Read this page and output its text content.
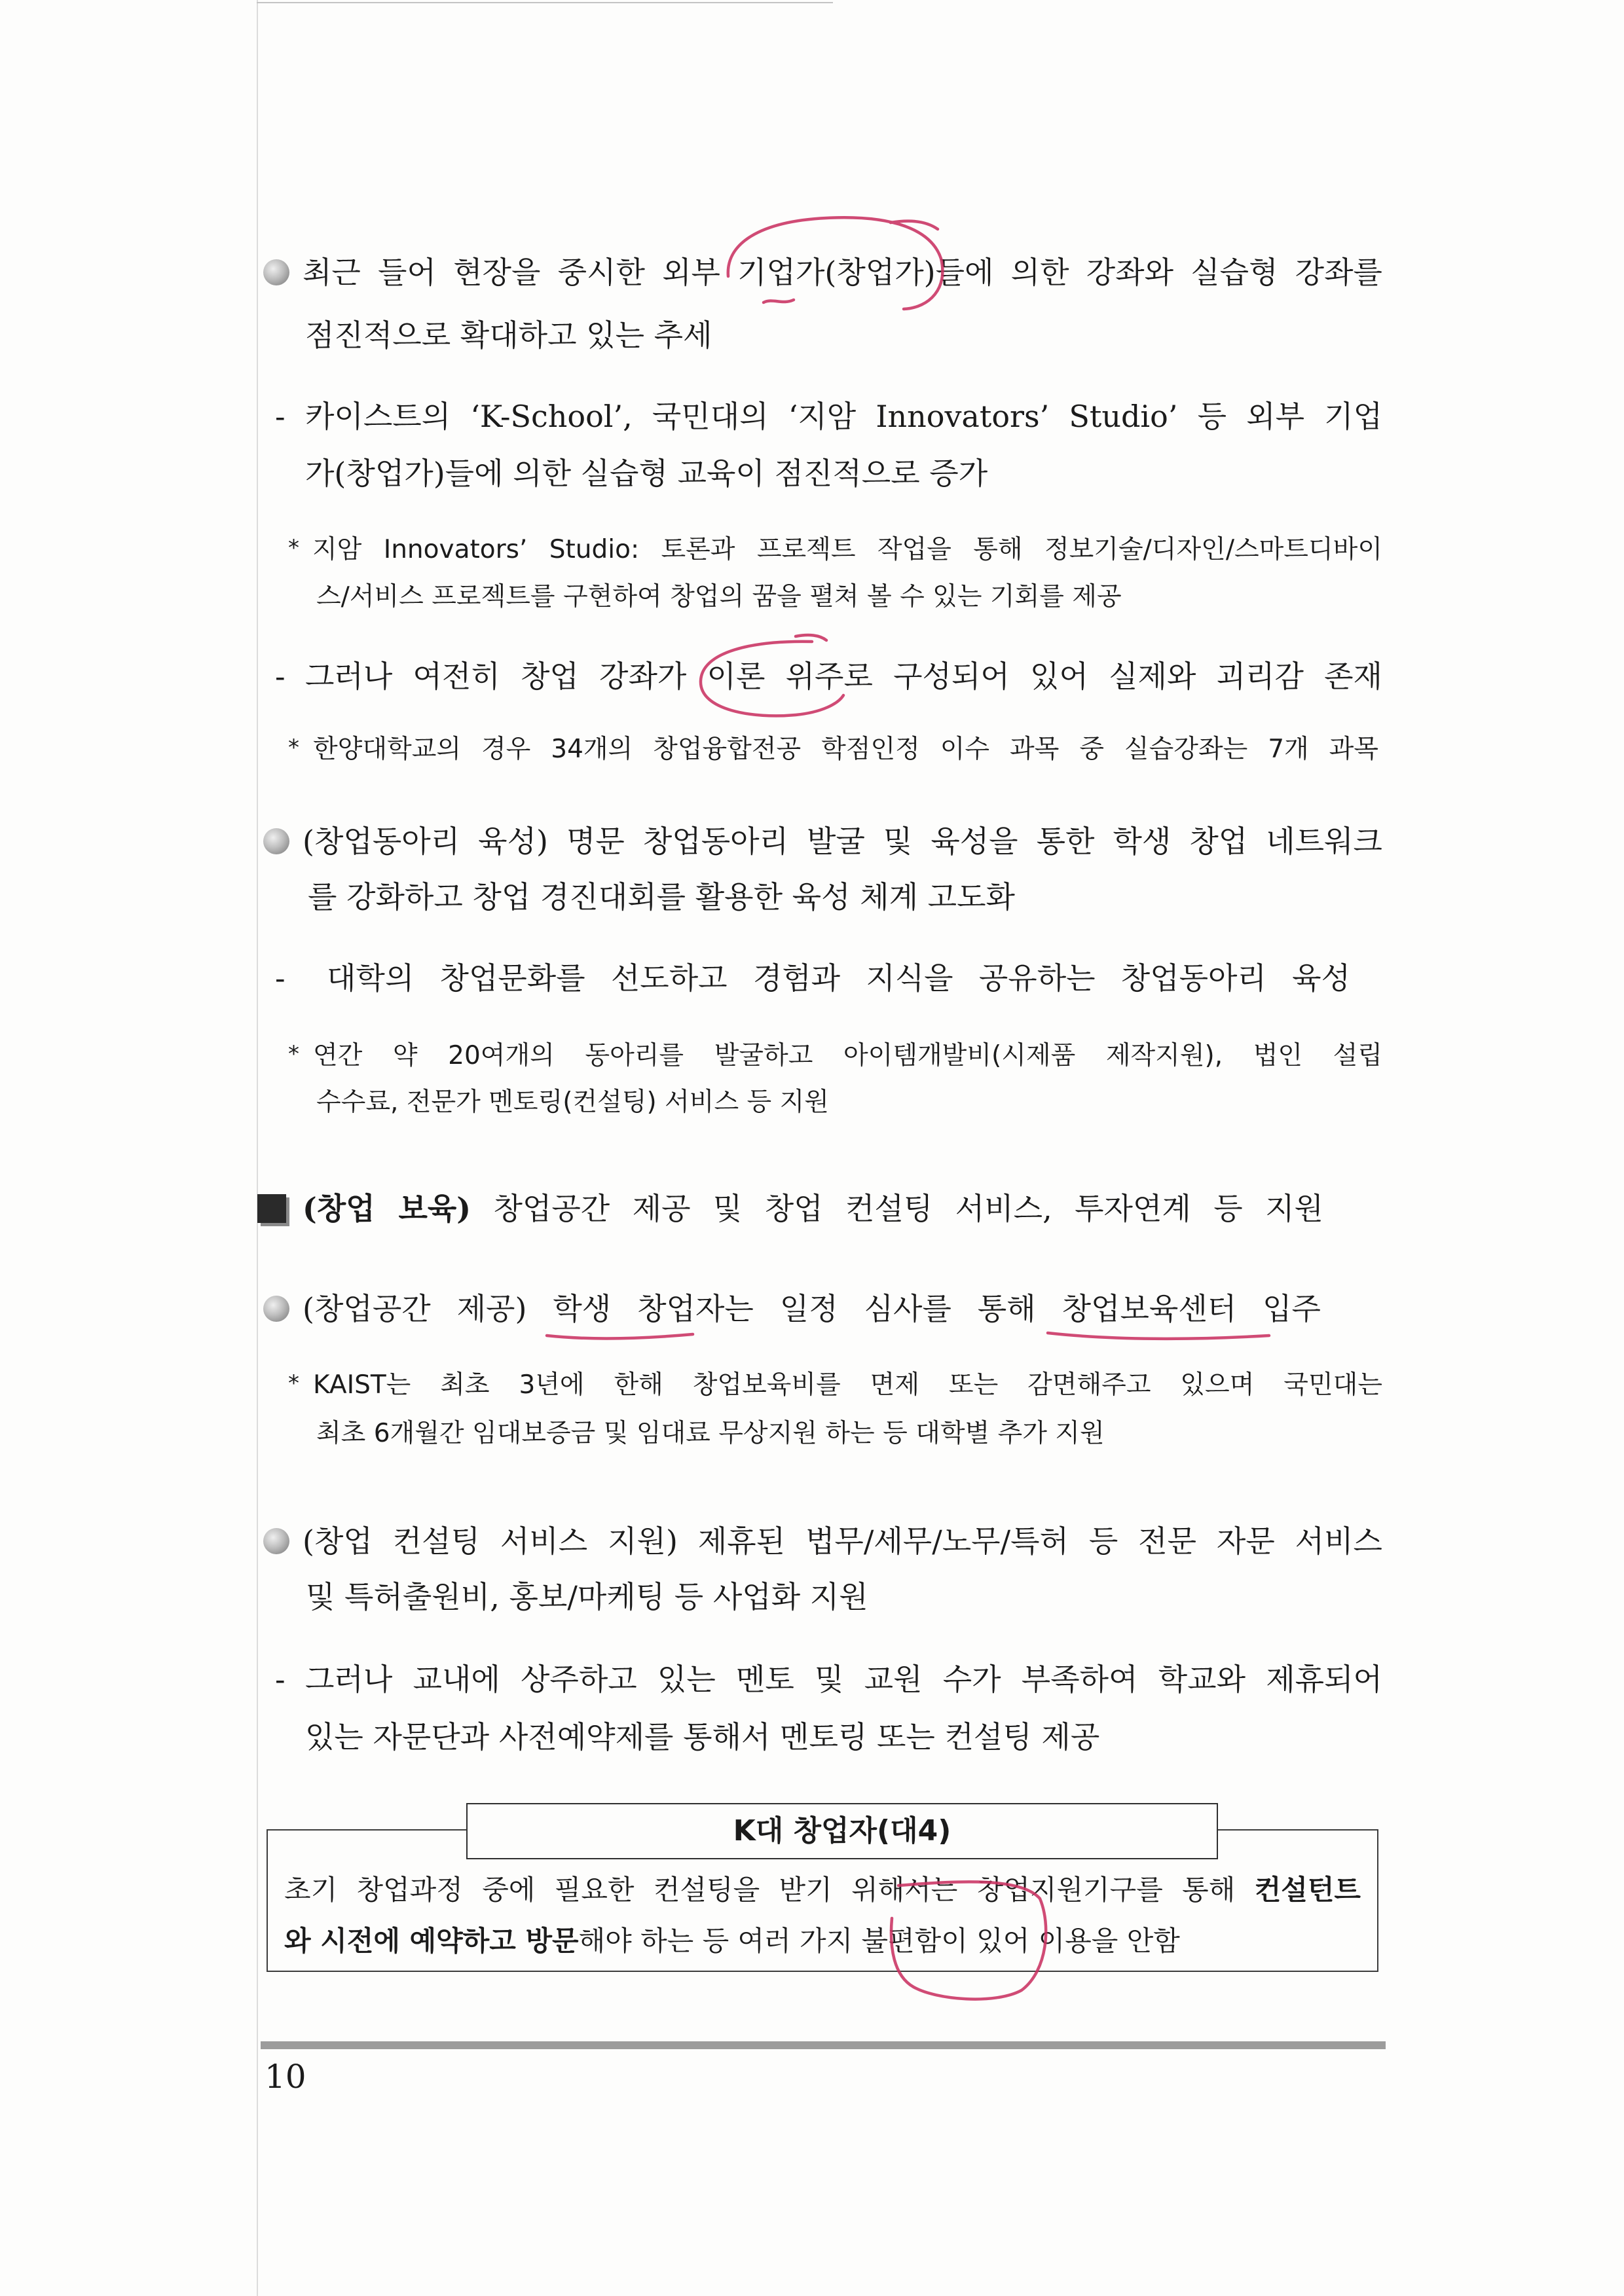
최근 들어 현장을 중시한 외부 기업가(창업가)들에 의한 강좌와 실습형 강좌를
점진적으로 확대하고 있는 추세
- 카이스트의 ‘K-School’, 국민대의 ‘지암 Innovators’ Studio’ 등 외부 기업
가(창업가)들에 의한 실습형 교육이 점진적으로 증가
* 지암 Innovators’ Studio: 토론과 프로젝트 작업을 통해 정보기술/디자인/스마트디바이
스/서비스 프로젝트를 구현하여 창업의 꿈을 펼쳐 볼 수 있는 기회를 제공
- 그러나 여전히 창업 강좌가 이론 위주로 구성되어 있어 실제와 괴리감 존재
* 한양대학교의 경우 34개의 창업융합전공 학점인정 이수 과목 중 실습강좌는 7개 과목
(창업동아리 육성) 명문 창업동아리 발굴 및 육성을 통한 학생 창업 네트워크
를 강화하고 창업 경진대회를 활용한 육성 체계 고도화
- 대학의 창업문화를 선도하고 경험과 지식을 공유하는 창업동아리 육성
* 연간 약 20여개의 동아리를 발굴하고 아이템개발비(시제품 제작지원), 법인 설립
수수료, 전문가 멘토링(컨설팅) 서비스 등 지원
(창업 보육) 창업공간 제공 및 창업 컨설팅 서비스, 투자연계 등 지원
(창업공간 제공) 학생 창업자는 일정 심사를 통해 창업보육센터 입주
* KAIST는 최초 3년에 한해 창업보육비를 면제 또는 감면해주고 있으며 국민대는
최초 6개월간 임대보증금 및 임대료 무상지원 하는 등 대학별 추가 지원
(창업 컨설팅 서비스 지원) 제휴된 법무/세무/노무/특허 등 전문 자문 서비스
및 특허출원비, 홍보/마케팅 등 사업화 지원
- 그러나 교내에 상주하고 있는 멘토 및 교원 수가 부족하여 학교와 제휴되어
있는 자문단과 사전예약제를 통해서 멘토링 또는 컨설팅 제공
K대 창업자(대4)
초기 창업과정 중에 필요한 컨설팅을 받기 위해서는 창업지원기구를 통해 컨설턴트
와 시전에 예약하고 방문해야 하는 등 여러 가지 불편함이 있어 이용을 안함
10
